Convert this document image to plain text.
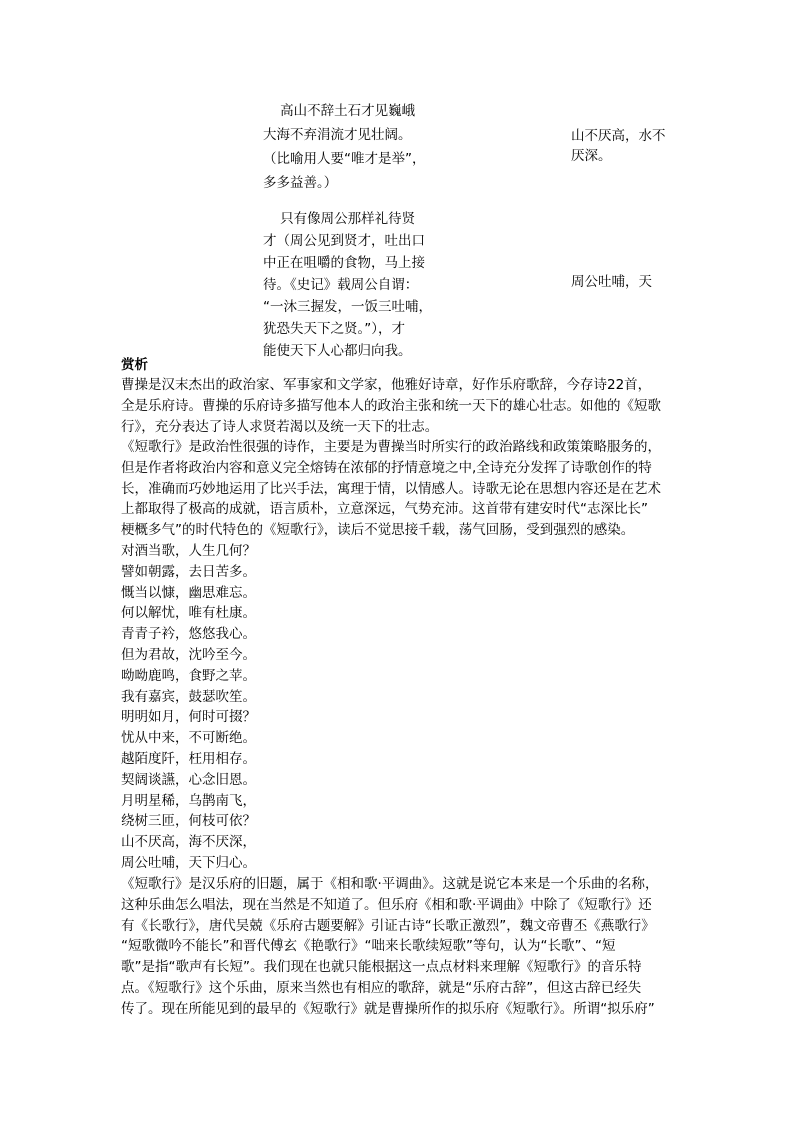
高山不辞土石才见巍峨
大海不弃涓流才见壮阔。
（比喻用人要“唯才是举”，
多多益善。）
山不厌高，水不
厌深。
只有像周公那样礼待贤
才（周公见到贤才，吐出口
中正在咀嚼的食物，马上接
待。《史记》载周公自谓：
“一沐三握发，一饭三吐哺，
犹恐失天下之贤。”），才
能使天下人心都归向我。
周公吐哺，天
赏析
曹操是汉末杰出的政治家、军事家和文学家，他雅好诗章，好作乐府歌辞，今存诗22首，
全是乐府诗。曹操的乐府诗多描写他本人的政治主张和统一天下的雄心壮志。如他的《短歌
行》，充分表达了诗人求贤若渴以及统一天下的壮志。
《短歌行》是政治性很强的诗作，主要是为曹操当时所实行的政治路线和政策策略服务的，
但是作者将政治内容和意义完全熔铸在浓郁的抒情意境之中,全诗充分发挥了诗歌创作的特
长，准确而巧妙地运用了比兴手法，寓理于情，以情感人。诗歌无论在思想内容还是在艺术
上都取得了极高的成就，语言质朴，立意深远，气势充沛。这首带有建安时代“志深比长”
梗概多气”的时代特色的《短歌行》，读后不觉思接千载，荡气回肠，受到强烈的感染。
对酒当歌，人生几何？
譬如朝露，去日苦多。
慨当以慷，幽思难忘。
何以解忧，唯有杜康。
青青子衿，悠悠我心。
但为君故，沈吟至今。
呦呦鹿鸣，食野之苹。
我有嘉宾，鼓瑟吹笙。
明明如月，何时可掇？
忧从中来，不可断绝。
越陌度阡，枉用相存。
契阔谈讌，心念旧恩。
月明星稀，乌鹊南飞，
绕树三匝，何枝可依？
山不厌高，海不厌深，
周公吐哺，天下归心。
《短歌行》是汉乐府的旧题，属于《相和歌·平调曲》。这就是说它本来是一个乐曲的名称，
这种乐曲怎么唱法，现在当然是不知道了。但乐府《相和歌·平调曲》中除了《短歌行》还
有《长歌行》，唐代吴兢《乐府古题要解》引证古诗“长歌正激烈”，魏文帝曹丕《燕歌行》
“短歌微吟不能长”和晋代傅玄《艳歌行》“咄来长歌续短歌”等句，认为“长歌”、“短
歌”是指“歌声有长短”。我们现在也就只能根据这一点点材料来理解《短歌行》的音乐特
点。《短歌行》这个乐曲，原来当然也有相应的歌辞，就是“乐府古辞”，但这古辞已经失
传了。现在所能见到的最早的《短歌行》就是曹操所作的拟乐府《短歌行》。所谓“拟乐府”
